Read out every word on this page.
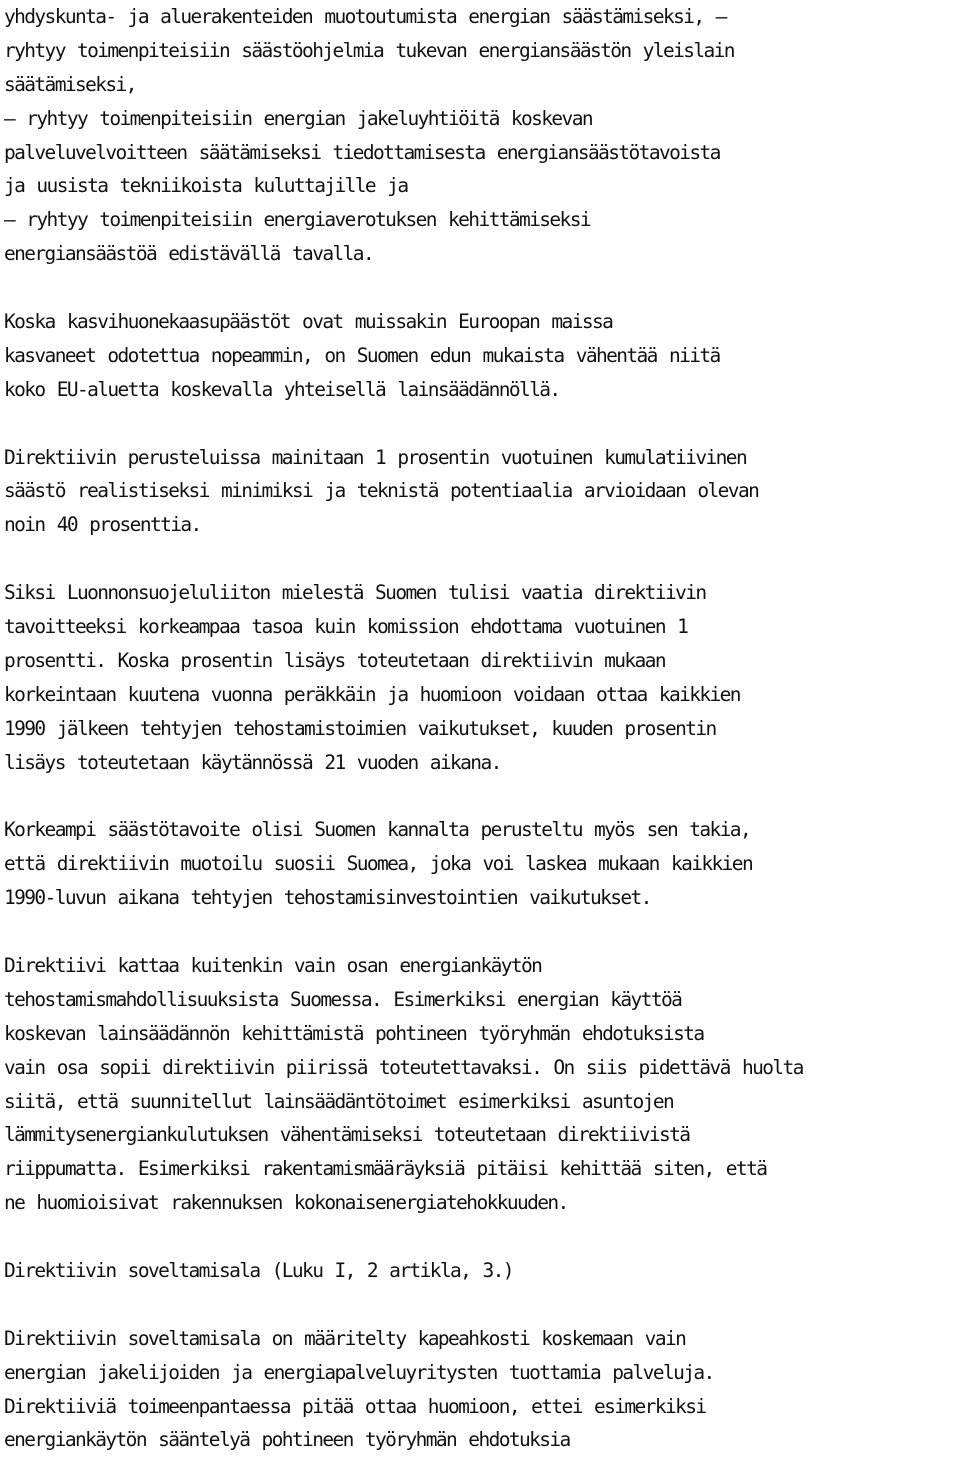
yhdyskunta- ja aluerakenteiden muotoutumista energian säästämiseksi, –
ryhtyy toimenpiteisiin säästöohjelmia tukevan energiansäästön yleislain
säätämiseksi,
– ryhtyy toimenpiteisiin energian jakeluyhtiöitä koskevan
palveluvelvoitteen säätämiseksi tiedottamisesta energiansäästötavoista
ja uusista tekniikoista kuluttajille ja
– ryhtyy toimenpiteisiin energiaverotuksen kehittämiseksi
energiansäästöä edistävällä tavalla.
Koska kasvihuonekaasupäästöt ovat muissakin Euroopan maissa
kasvaneet odotettua nopeammin, on Suomen edun mukaista vähentää niitä
koko EU-aluetta koskevalla yhteisellä lainsäädännöllä.
Direktiivin perusteluissa mainitaan 1 prosentin vuotuinen kumulatiivinen
säästö realistiseksi minimiksi ja teknistä potentiaalia arvioidaan olevan
noin 40 prosenttia.
Siksi Luonnonsuojeluliiton mielestä Suomen tulisi vaatia direktiivin
tavoitteeksi korkeampaa tasoa kuin komission ehdottama vuotuinen 1
prosentti. Koska prosentin lisäys toteutetaan direktiivin mukaan
korkeintaan kuutena vuonna peräkkäin ja huomioon voidaan ottaa kaikkien
1990 jälkeen tehtyjen tehostamistoimien vaikutukset, kuuden prosentin
lisäys toteutetaan käytännössä 21 vuoden aikana.
Korkeampi säästötavoite olisi Suomen kannalta perusteltu myös sen takia,
että direktiivin muotoilu suosii Suomea, joka voi laskea mukaan kaikkien
1990-luvun aikana tehtyjen tehostamisinvestointien vaikutukset.
Direktiivi kattaa kuitenkin vain osan energiankäytön
tehostamismahdollisuuksista Suomessa. Esimerkiksi energian käyttöä
koskevan lainsäädännön kehittämistä pohtineen työryhmän ehdotuksista
vain osa sopii direktiivin piirissä toteutettavaksi. On siis pidettävä huolta
siitä, että suunnitellut lainsäädäntötoimet esimerkiksi asuntojen
lämmitysenergiankulutuksen vähentämiseksi toteutetaan direktiivistä
riippumatta. Esimerkiksi rakentamismääräyksiä pitäisi kehittää siten, että
ne huomioisivat rakennuksen kokonaisenergiatehokkuuden.
Direktiivin soveltamisala (Luku I, 2 artikla, 3.)
Direktiivin soveltamisala on määritelty kapeahkosti koskemaan vain
energian jakelijoiden ja energiapalveluyritysten tuottamia palveluja.
Direktiiviä toimeenpantaessa pitää ottaa huomioon, ettei esimerkiksi
energiankäytön sääntelyä pohtineen työryhmän ehdotuksia
